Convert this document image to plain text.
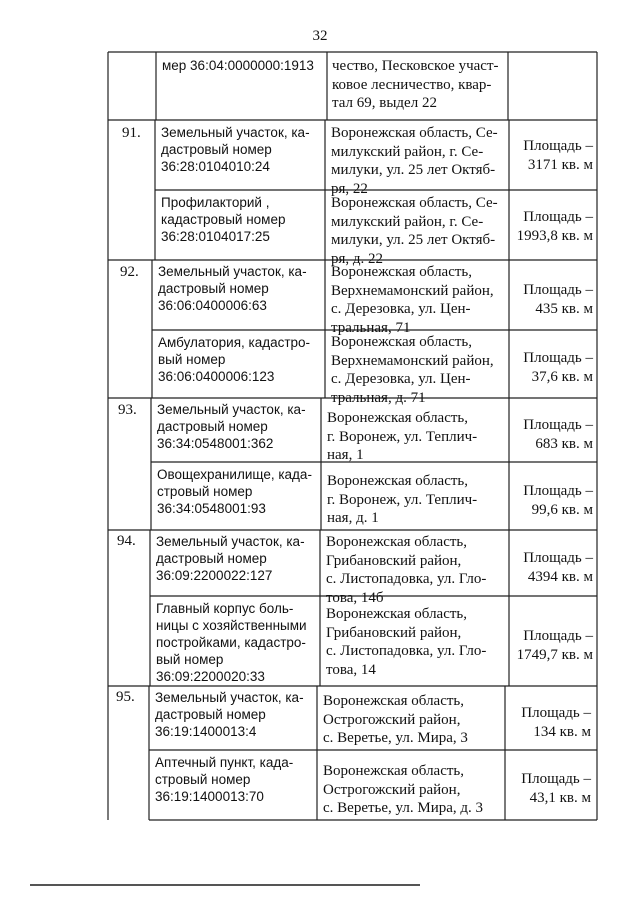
32
мер 36:04:0000000:1913	чество, Песковское участ-
ковое лесничество, квар-
тал 69, выдел 22
91. Земельный участок, ка-
дастровый номер
36:28:0104010:24
Воронежская область, Се-
милукский район, г. Се-
милуки, ул. 25 лет Октяб-
ря, 22
Площадь –
3171 кв. м
Профилакторий ,
кадастровый номер
36:28:0104017:25
Воронежская область, Се-
милукский район, г. Се-
милуки, ул. 25 лет Октяб-
ря, д. 22
Площадь –
1993,8 кв. м
92. Земельный участок, ка-
дастровый номер
36:06:0400006:63
Воронежская область,
Верхнемамонский район,
с. Дерезовка, ул. Цен-
тральная, 71
Площадь –
435 кв. м
Амбулатория, кадастро-
вый номер
36:06:0400006:123
Воронежская область,
Верхнемамонский район,
с. Дерезовка, ул. Цен-
тральная, д. 71
Площадь –
37,6 кв. м
93. Земельный участок, ка-
дастровый номер
36:34:0548001:362
Воронежская область,
г. Воронеж, ул. Теплич-
ная, 1
Площадь –
683 кв. м
Овощехранилище, када-
стровый номер
36:34:0548001:93
Воронежская область,
г. Воронеж, ул. Теплич-
ная, д. 1
Площадь –
99,6 кв. м
94. Земельный участок, ка-
дастровый номер
36:09:2200022:127
Воронежская область,
Грибановский район,
с. Листопадовка, ул. Гло-
това, 14б
Площадь –
4394 кв. м
Главный корпус боль-
ницы с хозяйственными
постройками, кадастро-
вый номер
36:09:2200020:33
Воронежская область,
Грибановский район,
с. Листопадовка, ул. Гло-
това, 14
Площадь –
1749,7 кв. м
95. Земельный участок, ка-
дастровый номер
36:19:1400013:4
Воронежская область,
Острогожский район,
с. Веретье, ул. Мира, 3
Площадь –
134 кв. м
Аптечный пункт, када-
стровый номер
36:19:1400013:70
Воронежская область,
Острогожский район,
с. Веретье, ул. Мира, д. 3
Площадь –
43,1 кв. м
